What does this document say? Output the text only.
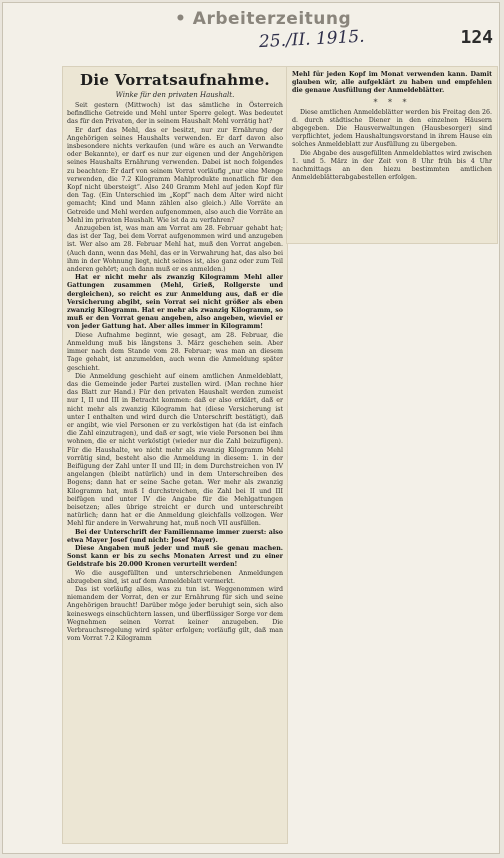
• Arbeiterzeitung
25./II. 1915.	124
Die Vorratsaufnahme.
Winke für den privaten Haushalt.

Seit gestern (Mittwoch) ist das sämtliche in Österreich befindliche Getreide und Mehl unter Sperre gelegt. Was bedeutet das für den Privaten, der in seinem Haushalt Mehl vorrätig hat?

Er darf das Mehl, das er besitzt, nur zur Ernährung der Angehörigen seines Haushalts verwenden. Er darf davon also insbesondere nichts verkaufen (und wäre es auch an Verwandte oder Bekannte), er darf es nur zur eigenen und der Angehörigen seines Haushalts Ernährung verwenden. Dabei ist noch folgendes zu beachten: Er darf von seinem Vorrat vorläufig „nur eine Menge verwenden, die 7.2 Kilogramm Mahlprodukte monatlich für den Kopf nicht übersteigt“. Also 240 Gramm Mehl auf jeden Kopf für den Tag. (Ein Unterschied im „Kopf“ nach dem Alter wird nicht gemacht; Kind und Mann zählen also gleich.) Alle Vorräte an Getreide und Mehl werden aufgenommen, also auch die Vorräte an Mehl im privaten Haushalt. Wie ist da zu verfahren?

Anzugeben ist, was man am Vorrat am 28. Februar gehabt hat; das ist der Tag, bei dem Vorrat aufgenommen wird und anzugeben ist. Wer also am 28. Februar Mehl hat, muß den Vorrat angeben. (Auch dann, wenn das Mehl, das er in Verwahrung hat, das also bei ihm in der Wohnung liegt, nicht seines ist, also ganz oder zum Teil anderen gehört; auch dann muß er es anmelden.)

Hat er nicht mehr als zwanzig Kilogramm Mehl aller Gattungen zusammen (Mehl, Grieß, Rollgerste und dergleichen), so reicht es zur Anmeldung aus, daß er die Versicherung abgibt, sein Vorrat sei nicht größer als eben zwanzig Kilogramm. Hat er mehr als zwanzig Kilogramm, so muß er den Vorrat genau angeben, also angeben, wieviel er von jeder Gattung hat. Aber alles immer in Kilogramm!

Diese Aufnahme beginnt, wie gesagt, am 28. Februar, die Anmeldung muß bis längstens 3. März geschehen sein. Aber immer nach dem Stande vom 28. Februar; was man an diesem Tage gehabt, ist anzumelden, auch wenn die Anmeldung später geschieht.

Die Anmeldung geschieht auf einem amtlichen Anmeldeblatt, das die Gemeinde jeder Partei zustellen wird. (Man rechne hier das Blatt zur Hand.) Für den privaten Haushalt werden zumeist nur I, II und III in Betracht kommen: daß er also erklärt, daß er nicht mehr als zwanzig Kilogramm hat (diese Versicherung ist unter I enthalten und wird durch die Unterschrift bestätigt), daß er angibt, wie viel Personen er zu verköstigen hat (da ist einfach die Zahl einzutragen), und daß er sagt, wie viele Personen bei ihm wohnen, die er nicht verköstigt (wieder nur die Zahl beizufügen). Für die Haushalte, wo nicht mehr als zwanzig Kilogramm Mehl vorrätig sind, besteht also die Anmeldung in diesem: 1. in der Beifügung der Zahl unter II und III; in dem Durchstreichen von IV angelangen (bleibt natürlich) und in dem Unterschreiben des Bogens; dann hat er seine Sache getan. Wer mehr als zwanzig Kilogramm hat, muß I durchstreichen, die Zahl bei II und III beifügen und unter IV die Angabe für die Mehlgattungen beisetzen; alles übrige streicht er durch und unterschreibt natürlich; dann hat er die Anmeldung gleichfalls vollzogen. Wer Mehl für andere in Verwahrung hat, muß noch VII ausfüllen.

Bei der Unterschrift der Familienname immer zuerst: also etwa Mayer Josef (und nicht: Josef Mayer).

Diese Angaben muß jeder und muß sie genau machen. Sonst kann er bis zu sechs Monaten Arrest und zu einer Geldstrafe bis 20.000 Kronen verurteilt werden!

Wo die ausgefüllten und unterschriebenen Anmeldungen abzugeben sind, ist auf dem Anmeldeblatt vermerkt.

Das ist vorläufig alles, was zu tun ist. Weggenommen wird niemandem der Vorrat, den er zur Ernährung für sich und seine Angehörigen braucht! Darüber möge jeder beruhigt sein, sich also keineswegs einschüchtern lassen, und überflüssiger Sorge vor dem Wegnehmen seinen Vorrat keiner anzugeben. Die Verbrauchsregelung wird später erfolgen; vorläufig gilt, daß man vom Vorrat 7.2 Kilogramm

Mehl für jeden Kopf im Monat verwenden kann. Damit glauben wir, alle aufgeklärt zu haben und empfehlen die genaue Ausfüllung der Anmeldeblätter.

* * *

Diese amtlichen Anmeldeblätter werden bis Freitag den 26. d. durch städtische Diener in den einzelnen Häusern abgegeben. Die Hausverwaltungen (Hausbesorger) sind verpflichtet, jedem Haushaltungsvorstand in ihrem Hause ein solches Anmeldeblatt zur Ausfüllung zu übergeben.

Die Abgabe des ausgefüllten Anmeldeblattes wird zwischen 1. und 5. März in der Zeit von 8 Uhr früh bis 4 Uhr nachmittags an den hiezu bestimmten amtlichen Anmeldeblätterabgabestellen erfolgen.
